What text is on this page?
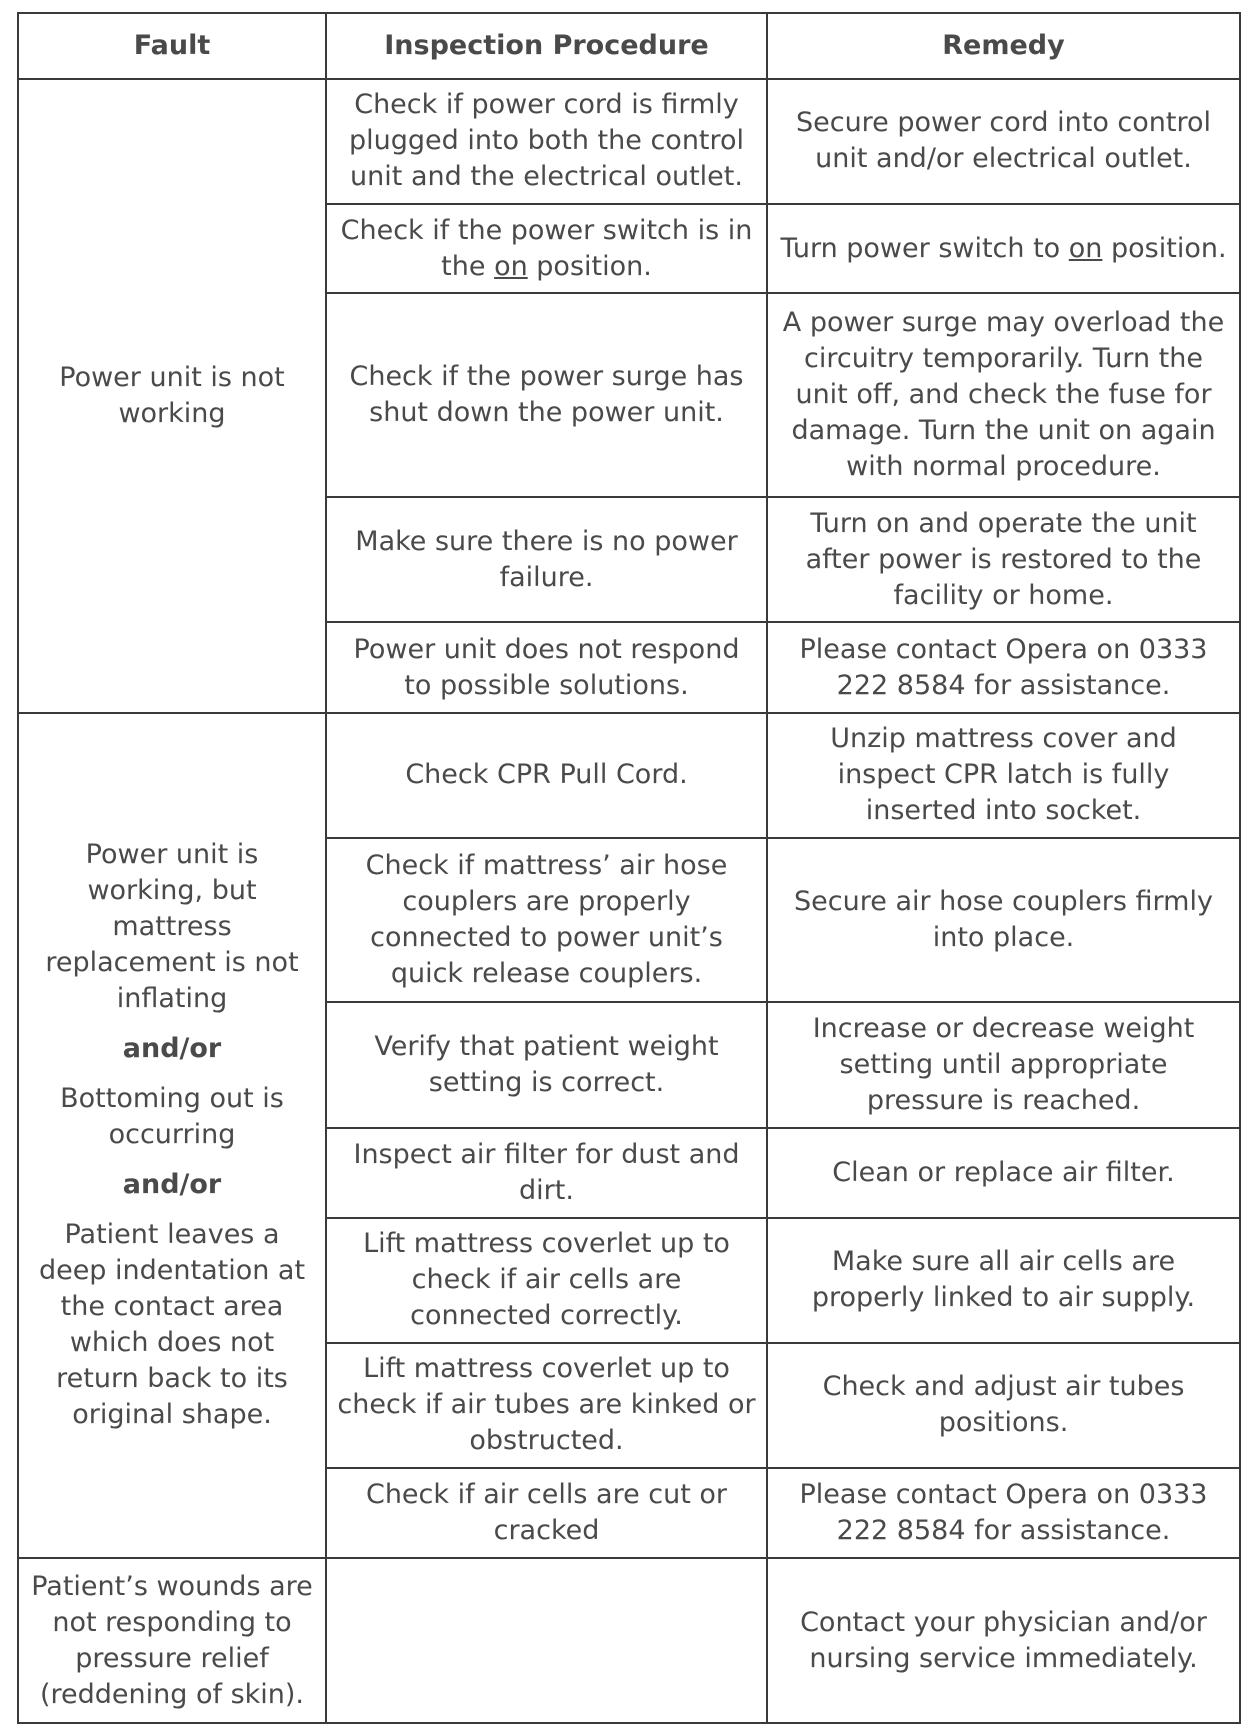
Fault	Inspection Procedure	Remedy
Power unit is not working	Check if power cord is firmly plugged into both the control unit and the electrical outlet.	Secure power cord into control unit and/or electrical outlet.
	Check if the power switch is in the on position.	Turn power switch to on position.
	Check if the power surge has shut down the power unit.	A power surge may overload the circuitry temporarily. Turn the unit off, and check the fuse for damage. Turn the unit on again with normal procedure.
	Make sure there is no power failure.	Turn on and operate the unit after power is restored to the facility or home.
	Power unit does not respond to possible solutions.	Please contact Opera on 0333 222 8584 for assistance.

Power unit is working, but mattress replacement is not inflating

and/or

Bottoming out is occurring

and/or

Patient leaves a deep indentation at the contact area which does not return back to its original shape.	Check CPR Pull Cord.	Unzip mattress cover and inspect CPR latch is fully inserted into socket.
	Check if mattress’ air hose couplers are properly connected to power unit’s quick release couplers.	Secure air hose couplers firmly into place.
	Verify that patient weight setting is correct.	Increase or decrease weight setting until appropriate pressure is reached.
	Inspect air filter for dust and dirt.	Clean or replace air filter.
	Lift mattress coverlet up to check if air cells are connected correctly.	Make sure all air cells are properly linked to air supply.
	Lift mattress coverlet up to check if air tubes are kinked or obstructed.	Check and adjust air tubes positions.
	Check if air cells are cut or cracked	Please contact Opera on 0333 222 8584 for assistance.
Patient’s wounds are not responding to pressure relief (reddening of skin).		Contact your physician and/or nursing service immediately.
